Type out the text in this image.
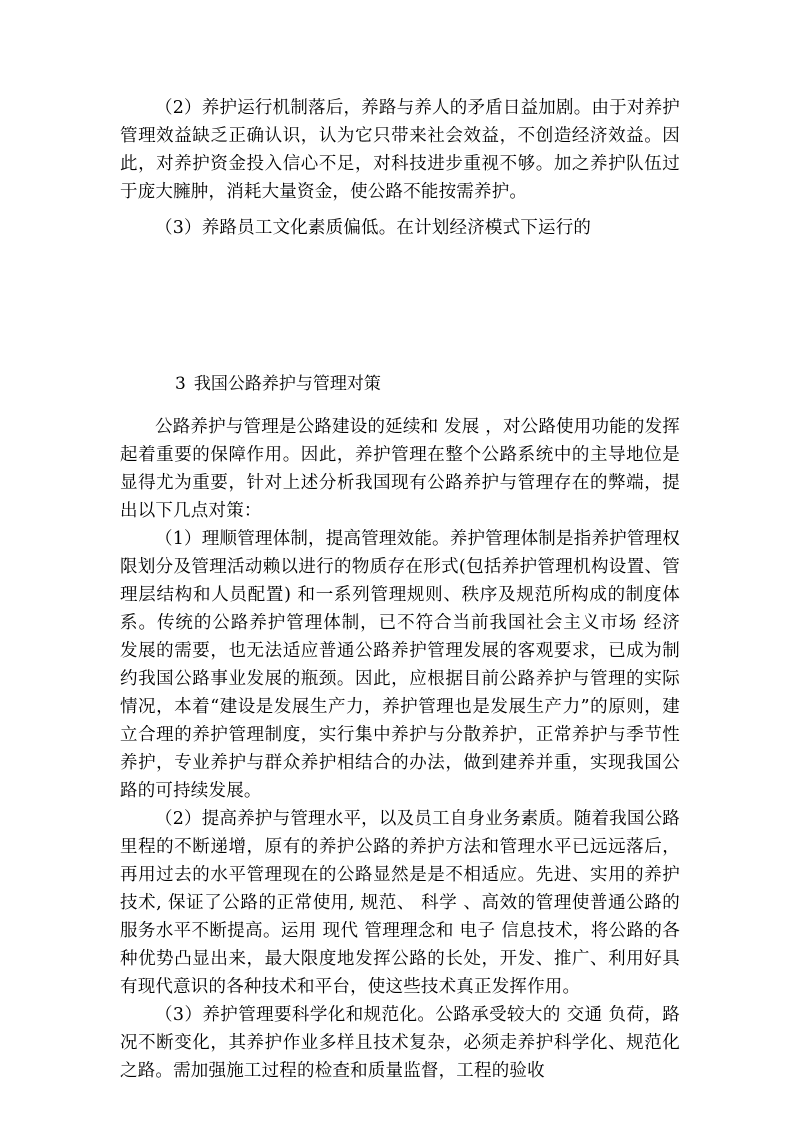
（2）养护运行机制落后，养路与养人的矛盾日益加剧。由于对养护管理效益缺乏正确认识，认为它只带来社会效益，不创造经济效益。因此，对养护资金投入信心不足，对科技进步重视不够。加之养护队伍过于庞大臃肿，消耗大量资金，使公路不能按需养护。

（3）养路员工文化素质偏低。在计划经济模式下运行的

3 我国公路养护与管理对策

公路养护与管理是公路建设的延续和 发展 ，对公路使用功能的发挥起着重要的保障作用。因此，养护管理在整个公路系统中的主导地位是显得尤为重要，针对上述分析我国现有公路养护与管理存在的弊端，提出以下几点对策：

（1）理顺管理体制，提高管理效能。养护管理体制是指养护管理权限划分及管理活动赖以进行的物质存在形式(包括养护管理机构设置、管理层结构和人员配置) 和一系列管理规则、秩序及规范所构成的制度体系。传统的公路养护管理体制，已不符合当前我国社会主义市场 经济 发展的需要，也无法适应普通公路养护管理发展的客观要求，已成为制约我国公路事业发展的瓶颈。因此，应根据目前公路养护与管理的实际情况，本着“建设是发展生产力，养护管理也是发展生产力”的原则，建立合理的养护管理制度，实行集中养护与分散养护，正常养护与季节性养护，专业养护与群众养护相结合的办法，做到建养并重，实现我国公路的可持续发展。

（2）提高养护与管理水平，以及员工自身业务素质。随着我国公路里程的不断递增，原有的养护公路的养护方法和管理水平已远远落后，再用过去的水平管理现在的公路显然是是不相适应。先进、实用的养护技术, 保证了公路的正常使用, 规范、 科学 、高效的管理使普通公路的服务水平不断提高。运用 现代 管理理念和 电子 信息技术，将公路的各种优势凸显出来，最大限度地发挥公路的长处，开发、推广、利用好具有现代意识的各种技术和平台，使这些技术真正发挥作用。

（3）养护管理要科学化和规范化。公路承受较大的 交通 负荷，路况不断变化，其养护作业多样且技术复杂，必须走养护科学化、规范化之路。需加强施工过程的检查和质量监督，工程的验收
